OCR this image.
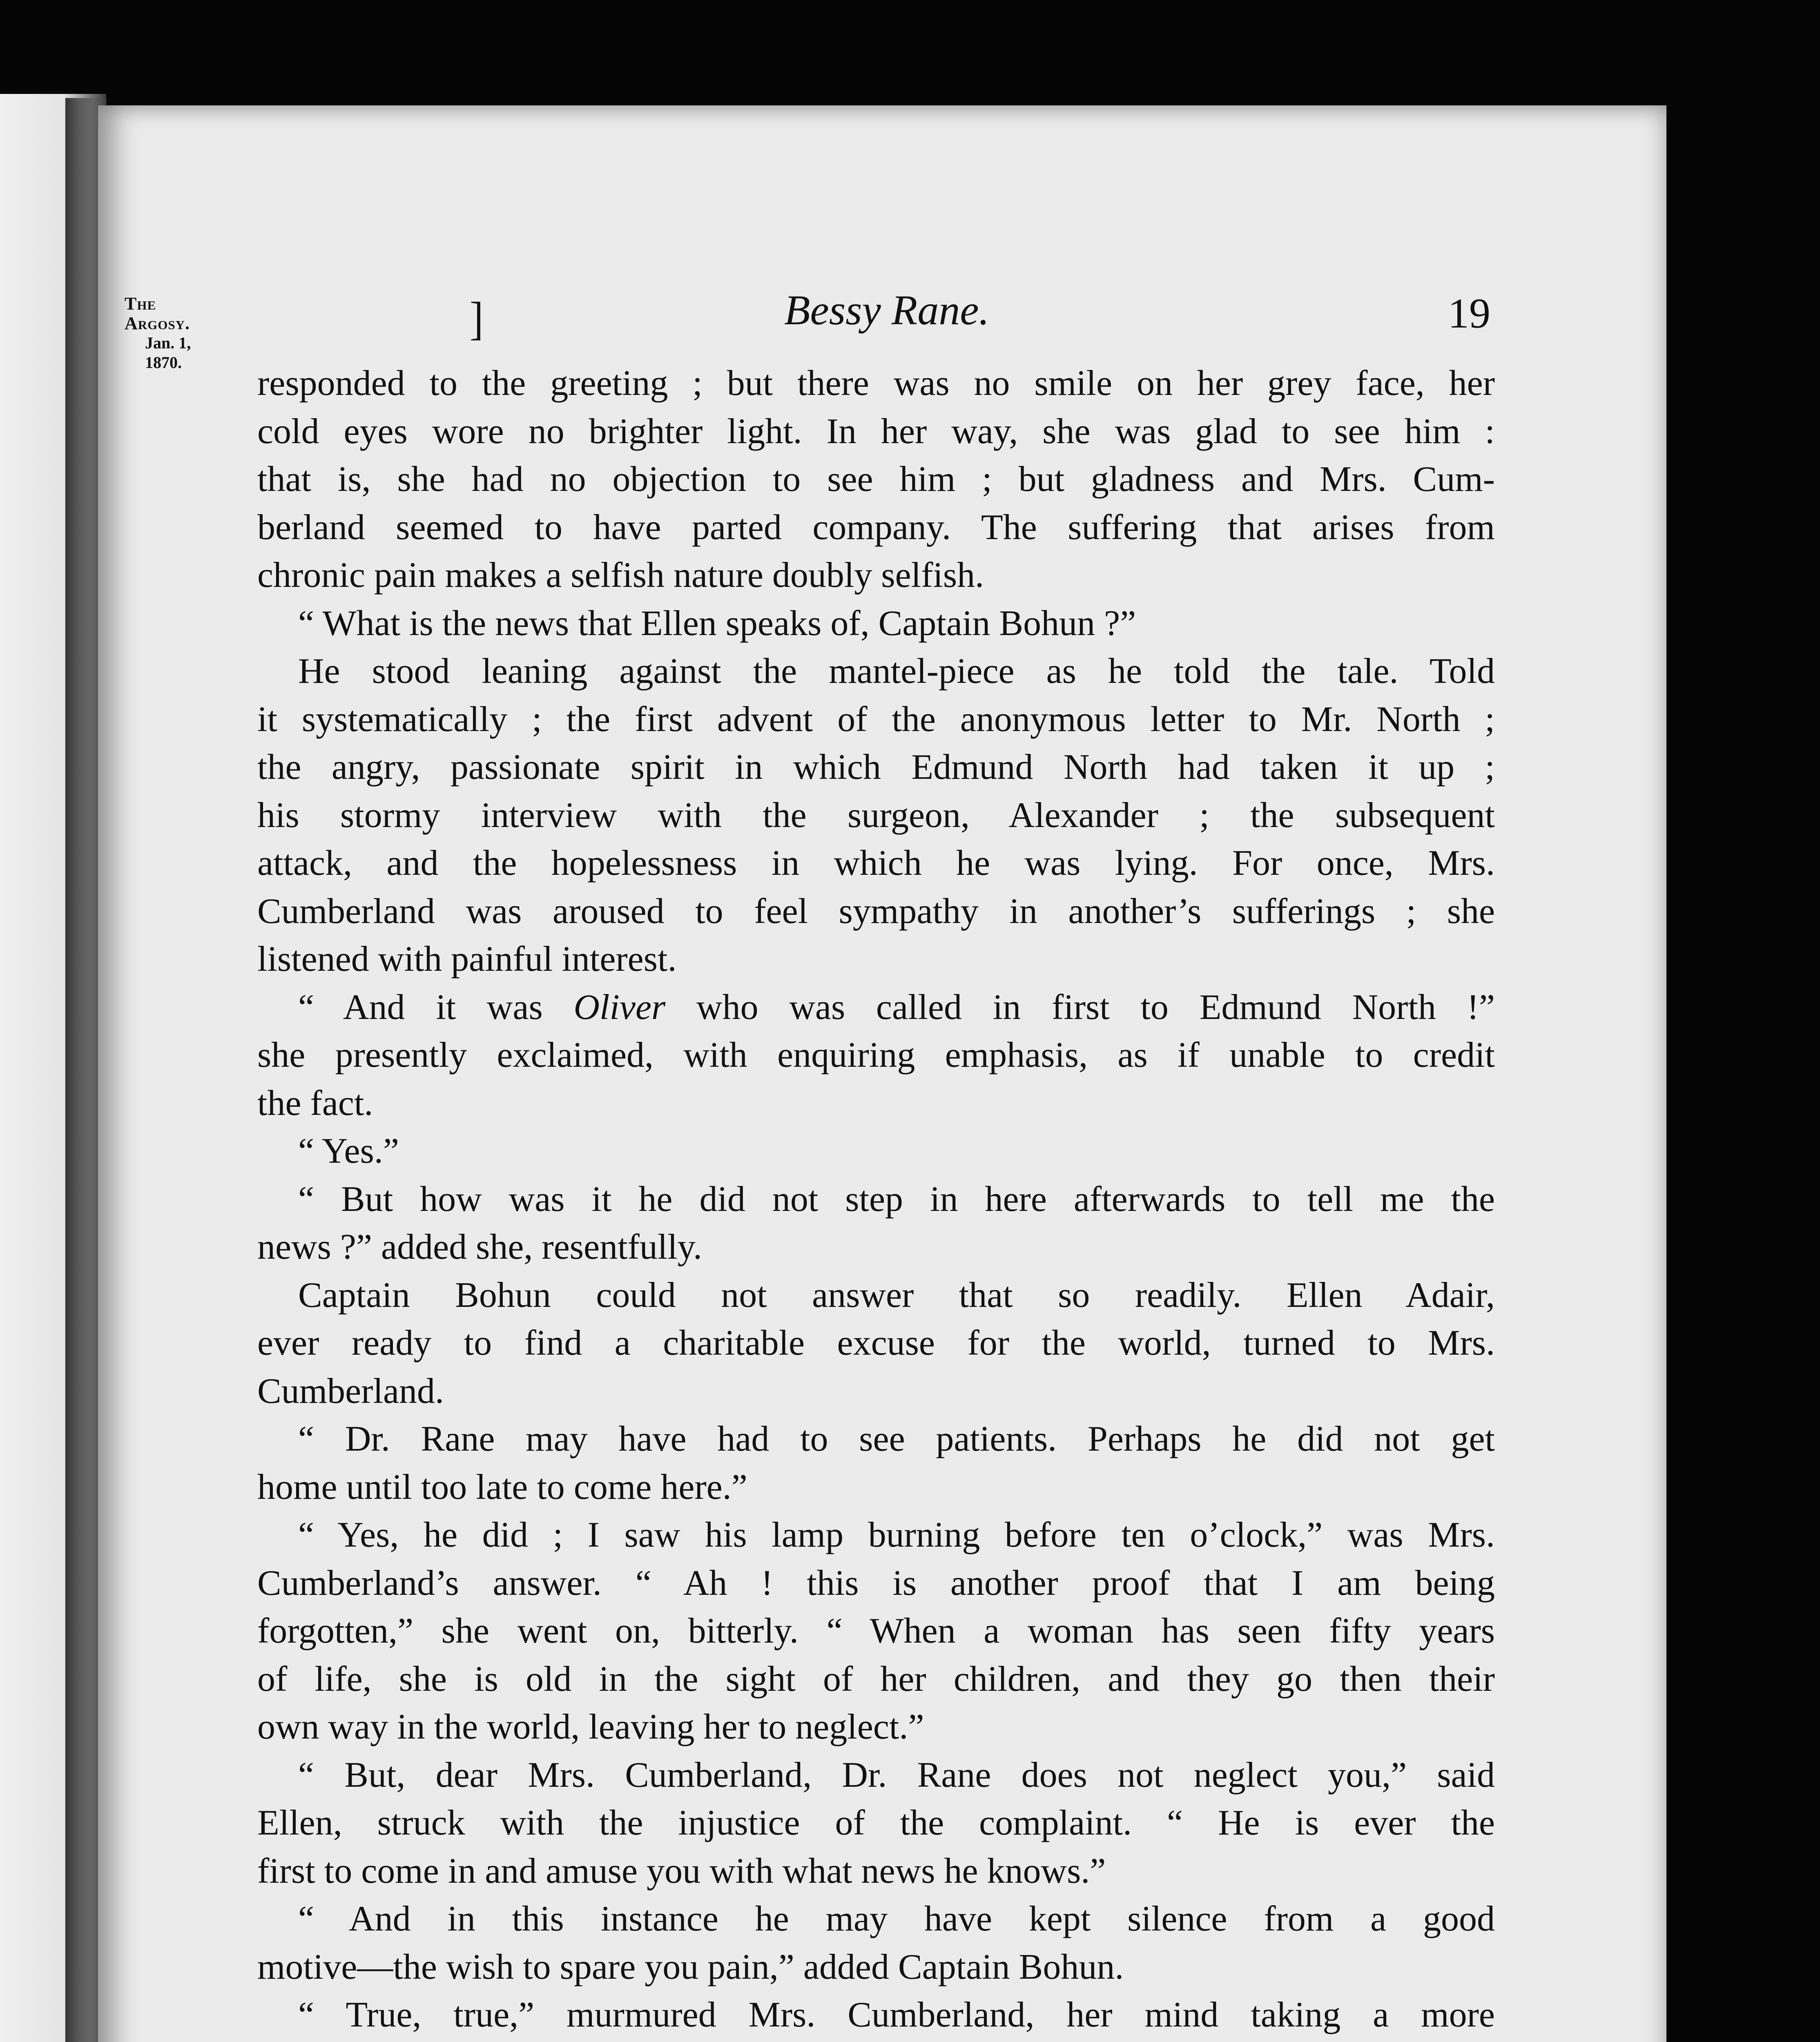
The Argosy.
Jan. 1, 1870.
]	Bessy Rane.	19
responded to the greeting ; but there was no smile on her grey face, her
cold eyes wore no brighter light. In her way, she was glad to see him :
that is, she had no objection to see him ; but gladness and Mrs. Cum-
berland seemed to have parted company. The suffering that arises from
chronic pain makes a selfish nature doubly selfish.
“ What is the news that Ellen speaks of, Captain Bohun ?”
He stood leaning against the mantel-piece as he told the tale. Told
it systematically ; the first advent of the anonymous letter to Mr. North ;
the angry, passionate spirit in which Edmund North had taken it up ;
his stormy interview with the surgeon, Alexander ; the subsequent
attack, and the hopelessness in which he was lying. For once, Mrs.
Cumberland was aroused to feel sympathy in another’s sufferings ; she
listened with painful interest.
“ And it was Oliver who was called in first to Edmund North !”
she presently exclaimed, with enquiring emphasis, as if unable to credit
the fact.
“ Yes.”
“ But how was it he did not step in here afterwards to tell me the
news ?” added she, resentfully.
Captain Bohun could not answer that so readily. Ellen Adair,
ever ready to find a charitable excuse for the world, turned to Mrs.
Cumberland.
“ Dr. Rane may have had to see patients. Perhaps he did not get
home until too late to come here.”
“ Yes, he did ; I saw his lamp burning before ten o’clock,” was Mrs.
Cumberland’s answer. “ Ah ! this is another proof that I am being
forgotten,” she went on, bitterly. “ When a woman has seen fifty years
of life, she is old in the sight of her children, and they go then their
own way in the world, leaving her to neglect.”
“ But, dear Mrs. Cumberland, Dr. Rane does not neglect you,” said
Ellen, struck with the injustice of the complaint. “ He is ever the
first to come in and amuse you with what news he knows.”
“ And in this instance he may have kept silence from a good
motive—the wish to spare you pain,” added Captain Bohun.
“ True, true,” murmured Mrs. Cumberland, her mind taking a more
